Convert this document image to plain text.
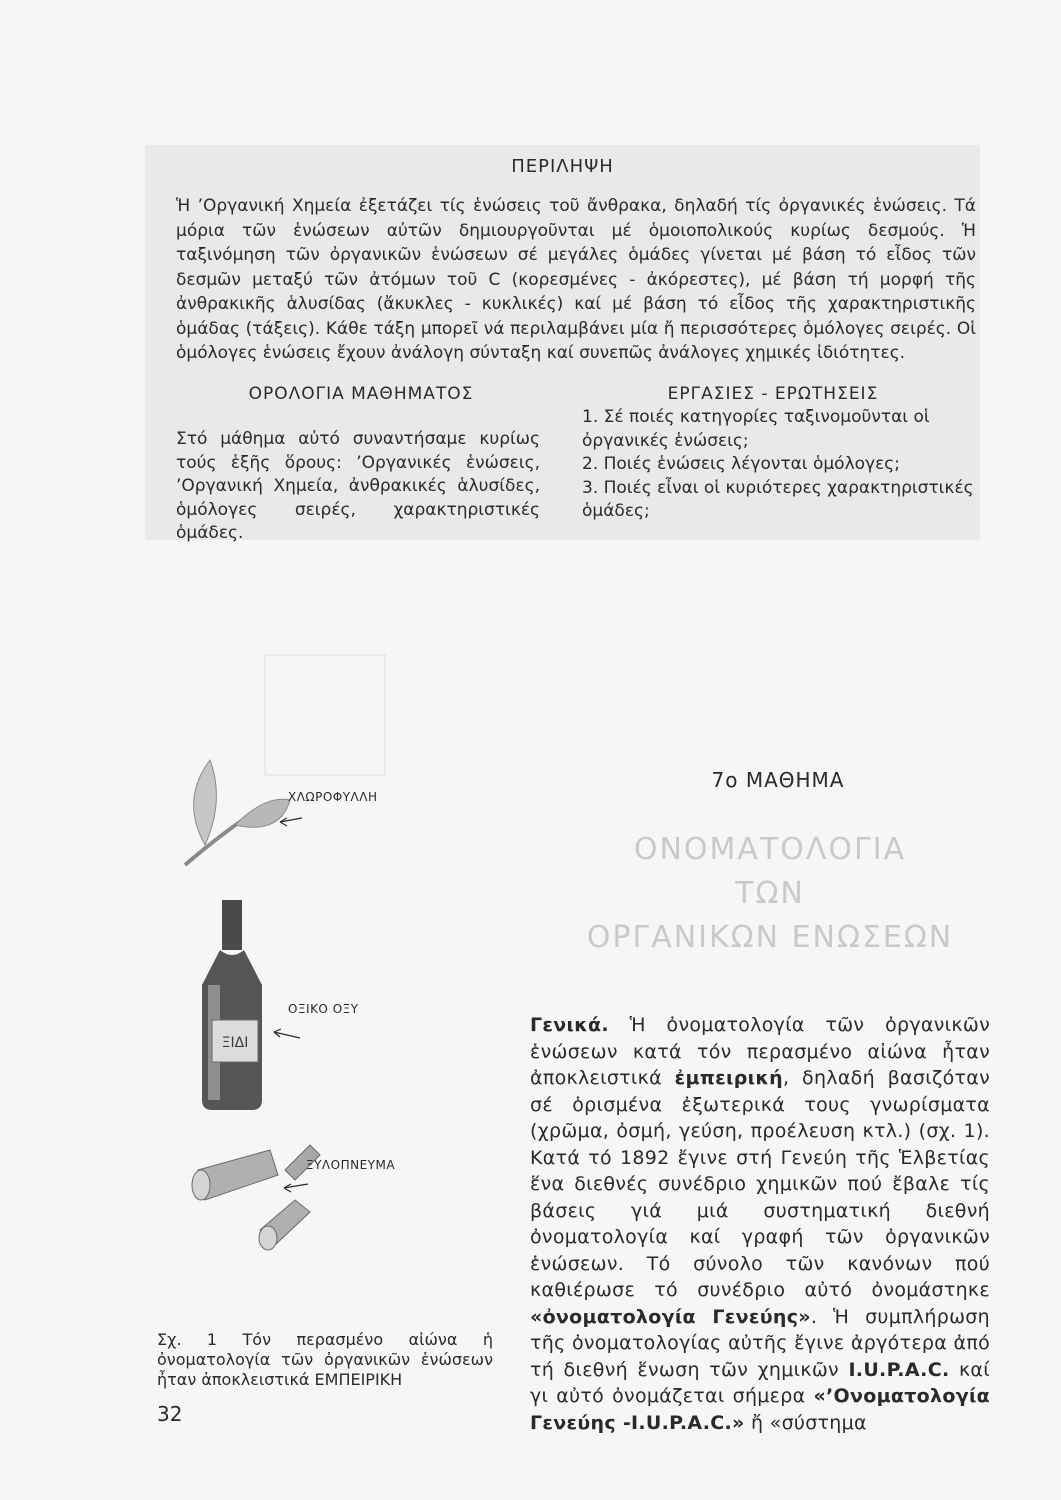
ΠΕΡΙΛΗΨΗ

Ἡ ’Οργανική Χημεία ἐξετάζει τίς ἑνώσεις τοῦ ἄνθρακα, δηλαδή τίς ὀργανικές ἑνώσεις. Τά μόρια τῶν ἑνώσεων αὐτῶν δημιουργοῦνται μέ ὁμοιοπολικούς κυρίως δεσμούς. Ἡ ταξινόμηση τῶν ὀργανικῶν ἑνώσεων σέ μεγάλες ὁμάδες γίνεται μέ βάση τό εἶδος τῶν δεσμῶν μεταξύ τῶν ἀτόμων τοῦ C (κορεσμένες - ἀκόρεστες), μέ βάση τή μορφή τῆς ἀνθρακικῆς ἁλυσίδας (ἄκυκλες - κυκλικές) καί μέ βάση τό εἶδος τῆς χαρακτηριστικῆς ὁμάδας (τάξεις). Κάθε τάξη μπορεῖ νά περιλαμβάνει μία ἤ περισσότερες ὁμόλογες σειρές. Οἱ ὁμόλογες ἑνώσεις ἔχουν ἀνάλογη σύνταξη καί συνεπῶς ἀνάλογες χημικές ἰδιότητες.

ΟΡΟΛΟΓΙΑ ΜΑΘΗΜΑΤΟΣ

Στό μάθημα αὐτό συναντήσαμε κυρίως τούς ἑξῆς ὅρους: ’Οργανικές ἑνώσεις, ’Οργανική Χημεία, ἀνθρακικές ἁλυσίδες, ὁμόλογες σειρές, χαρακτηριστικές ὁμάδες.

ΕΡΓΑΣΙΕΣ - ΕΡΩΤΗΣΕΙΣ
1. Σέ ποιές κατηγορίες ταξινομοῦνται οἱ ὀργανικές ἑνώσεις;
2. Ποιές ἑνώσεις λέγονται ὁμόλογες;
3. Ποιές εἶναι οἱ κυριότερες χαρακτηριστικές ὁμάδες;
7ο ΜΑΘΗΜΑ
ΟΝΟΜΑΤΟΛΟΓΙΑ
ΤΩΝ
ΟΡΓΑΝΙΚΩΝ ΕΝΩΣΕΩΝ

Γενικά. Ἡ ὀνοματολογία τῶν ὀργανικῶν ἑνώσεων κατά τόν περασμένο αἰώνα ἦταν ἀποκλειστικά ἐμπειρική, δηλαδή βασιζόταν σέ ὁρισμένα ἐξωτερικά τους γνωρίσματα (χρῶμα, ὀσμή, γεύση, προέλευση κτλ.) (σχ. 1). Κατά τό 1892 ἔγινε στή Γενεύη τῆς Ἑλβετίας ἕνα διεθνές συνέδριο χημικῶν πού ἔβαλε τίς βάσεις γιά μιά συστηματική διεθνή ὀνοματολογία καί γραφή τῶν ὀργανικῶν ἑνώσεων. Τό σύνολο τῶν κανόνων πού καθιέρωσε τό συνέδριο αὐτό ὀνομάστηκε «ὀνοματολογία Γενεύης». Ἡ συμπλήρωση τῆς ὀνοματολογίας αὐτῆς ἔγινε ἀργότερα ἀπό τή διεθνή ἕνωση τῶν χημικῶν I.U.P.A.C. καί γι αὐτό ὀνομάζεται σήμερα «’Ονοματολογία Γενεύης -I.U.P.A.C.» ἤ «σύστημα

ΞΙΔΙ
ΧΛΩΡΟΦΥΛΛΗ
ΟΞΙΚΟ ΟΞΥ
ΞΥΛΟΠΝΕΥΜΑ

Σχ. 1 Τόν περασμένο αἰώνα ἡ ὀνοματολογία τῶν ὀργανικῶν ἑνώσεων ἦταν ἀποκλειστικά ΕΜΠΕΙΡΙΚΗ

32
